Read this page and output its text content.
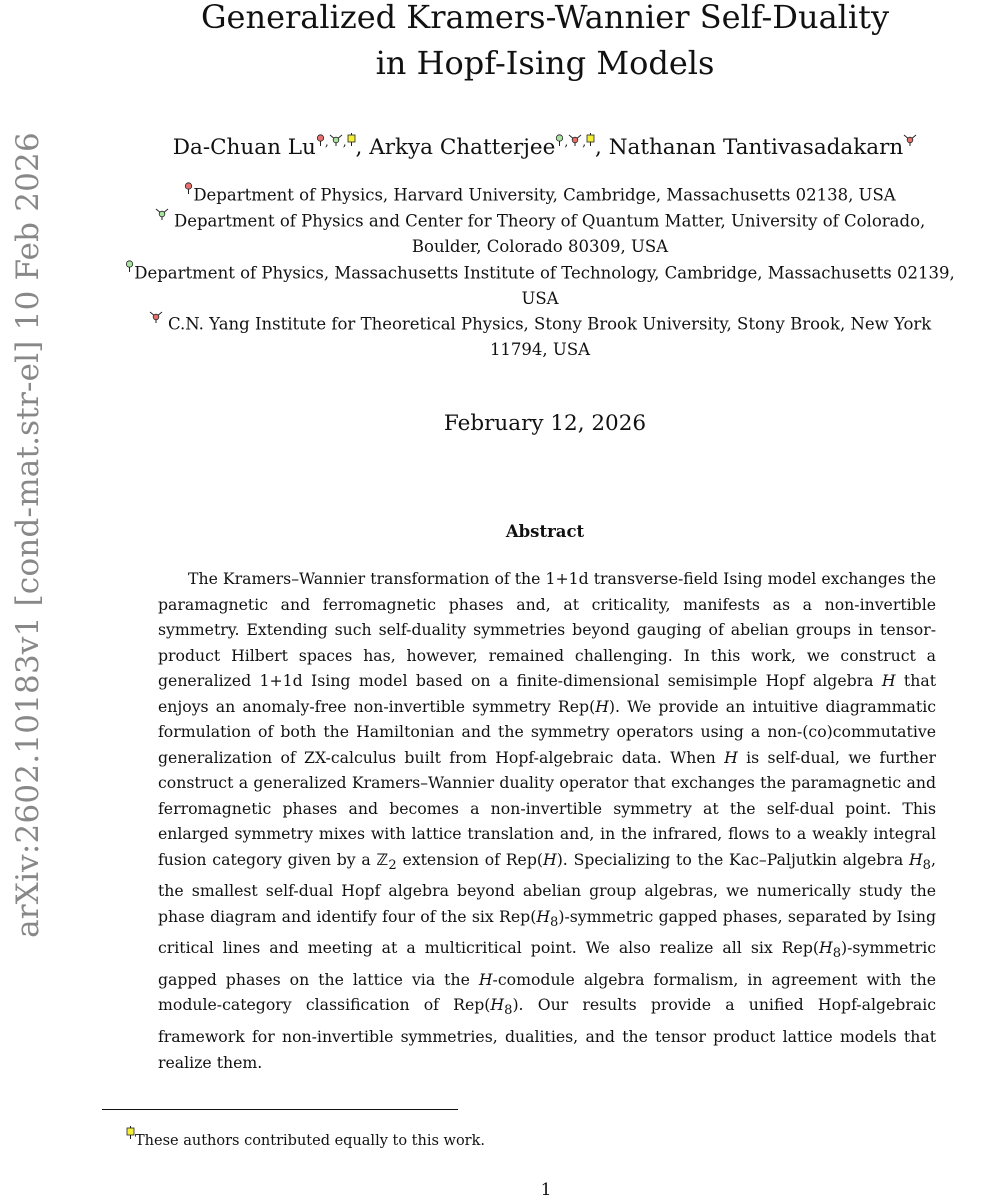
arXiv:2602.10183v1 [cond-mat.str-el] 10 Feb 2026
Generalized Kramers-Wannier Self-Duality
in Hopf-Ising Models
Da-Chuan Lu , , , Arkya Chatterjee , , , Nathanan Tantivasadakarn
Department of Physics, Harvard University, Cambridge, Massachusetts 02138, USA
Department of Physics and Center for Theory of Quantum Matter, University of Colorado,
Boulder, Colorado 80309, USA
Department of Physics, Massachusetts Institute of Technology, Cambridge, Massachusetts 02139,
USA
C.N. Yang Institute for Theoretical Physics, Stony Brook University, Stony Brook, New York
11794, USA
February 12, 2026
Abstract
The Kramers–Wannier transformation of the 1+1d transverse-field Ising model exchanges the paramagnetic and ferromagnetic phases and, at criticality, manifests as a non-invertible symmetry. Extending such self-duality symmetries beyond gauging of abelian groups in tensor-product Hilbert spaces has, however, remained challenging. In this work, we construct a generalized 1+1d Ising model based on a finite-dimensional semisimple Hopf algebra H that enjoys an anomaly-free non-invertible symmetry Rep(H). We provide an intuitive diagrammatic formulation of both the Hamiltonian and the symmetry operators using a non-(co)commutative generalization of ZX-calculus built from Hopf-algebraic data. When H is self-dual, we further construct a generalized Kramers–Wannier duality operator that exchanges the paramagnetic and ferromagnetic phases and becomes a non-invertible symmetry at the self-dual point. This enlarged symmetry mixes with lattice translation and, in the infrared, flows to a weakly integral fusion category given by a ℤ$_2$ extension of Rep(H). Specializing to the Kac–Paljutkin algebra $H_8$, the smallest self-dual Hopf algebra beyond abelian group algebras, we numerically study the phase diagram and identify four of the six $Rep(H_8)$-symmetric gapped phases, separated by Ising critical lines and meeting at a multicritical point. We also realize all six $Rep(H_8)$-symmetric gapped phases on the lattice via the H-comodule algebra formalism, in agreement with the module-category classification of $Rep(H_8)$. Our results provide a unified Hopf-algebraic framework for non-invertible symmetries, dualities, and the tensor product lattice models that realize them.
These authors contributed equally to this work.
1
